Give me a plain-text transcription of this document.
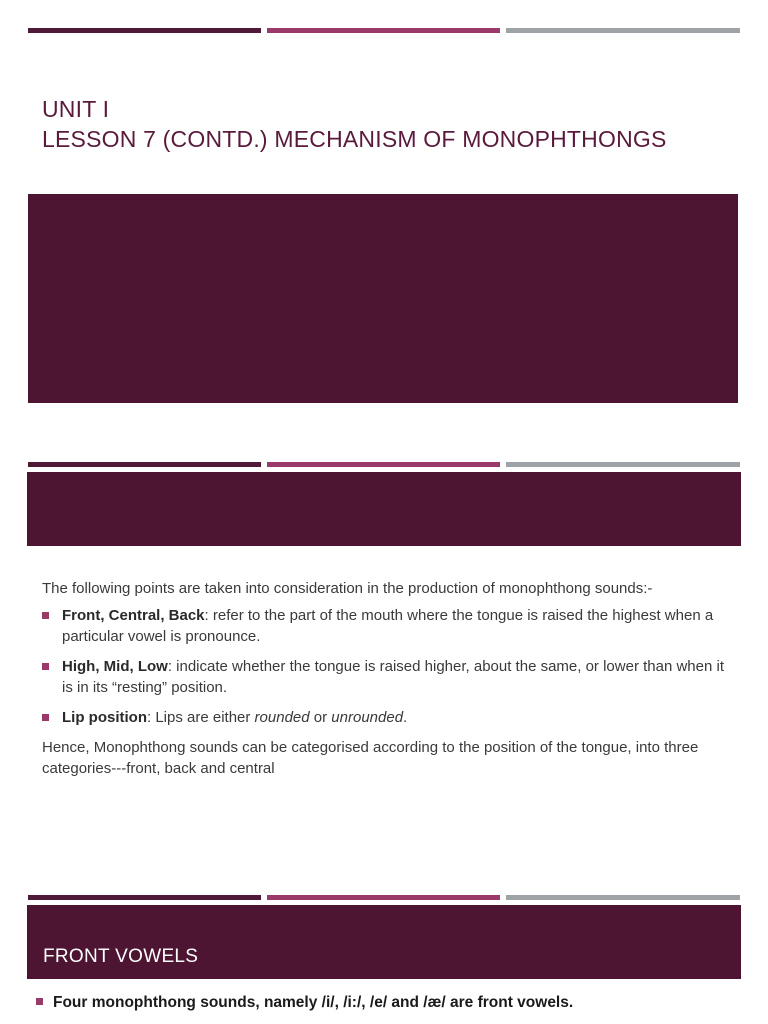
UNIT I
LESSON 7 (CONTD.) MECHANISM OF MONOPHTHONGS

The following points are taken into consideration in the production of monophthong sounds:-

Front, Central, Back: refer to the part of the mouth where the tongue is raised the highest when a particular vowel is pronounce.
High, Mid, Low: indicate whether the tongue is raised higher, about the same, or lower than when it is in its “resting” position.
Lip position: Lips are either rounded or unrounded.

Hence, Monophthong sounds can be categorised according to the position of the tongue, into three categories---front, back and central

FRONT VOWELS
Four monophthong sounds, namely /i/, /i:/, /e/ and /æ/ are front vowels.
